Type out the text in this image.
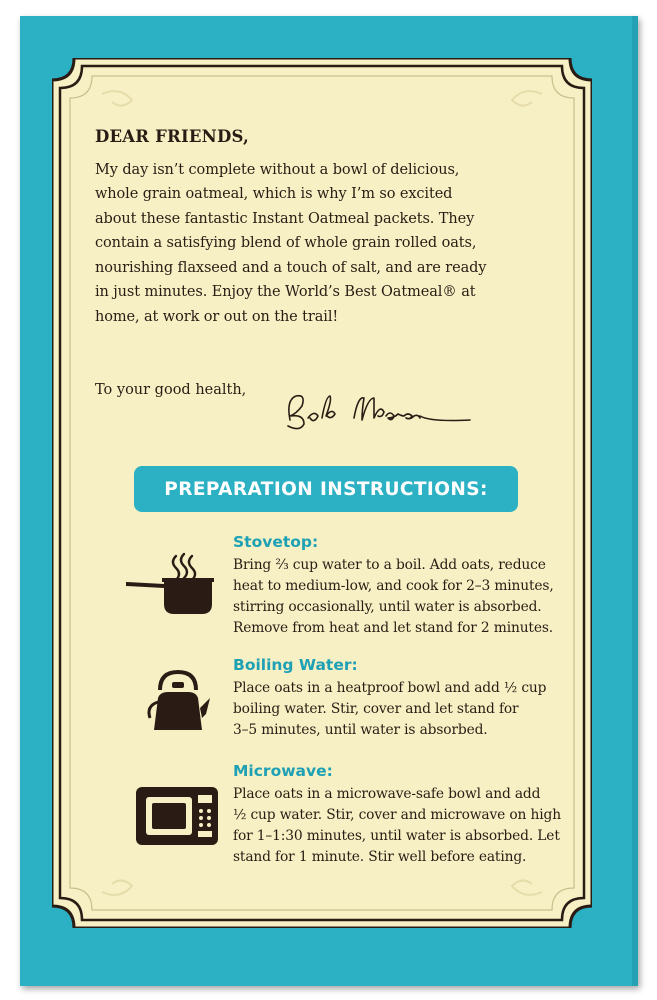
DEAR FRIENDS,
My day isn’t complete without a bowl of delicious,
whole grain oatmeal, which is why I’m so excited
about these fantastic Instant Oatmeal packets. They
contain a satisfying blend of whole grain rolled oats,
nourishing flaxseed and a touch of salt, and are ready
in just minutes. Enjoy the World’s Best Oatmeal® at
home, at work or out on the trail!
To your good health,
PREPARATION INSTRUCTIONS:
Stovetop:
Bring ⅔ cup water to a boil. Add oats, reduce
heat to medium-low, and cook for 2–3 minutes,
stirring occasionally, until water is absorbed.
Remove from heat and let stand for 2 minutes.
Boiling Water:
Place oats in a heatproof bowl and add ½ cup
boiling water. Stir, cover and let stand for
3–5 minutes, until water is absorbed.
Microwave:
Place oats in a microwave-safe bowl and add
½ cup water. Stir, cover and microwave on high
for 1–1:30 minutes, until water is absorbed. Let
stand for 1 minute. Stir well before eating.
